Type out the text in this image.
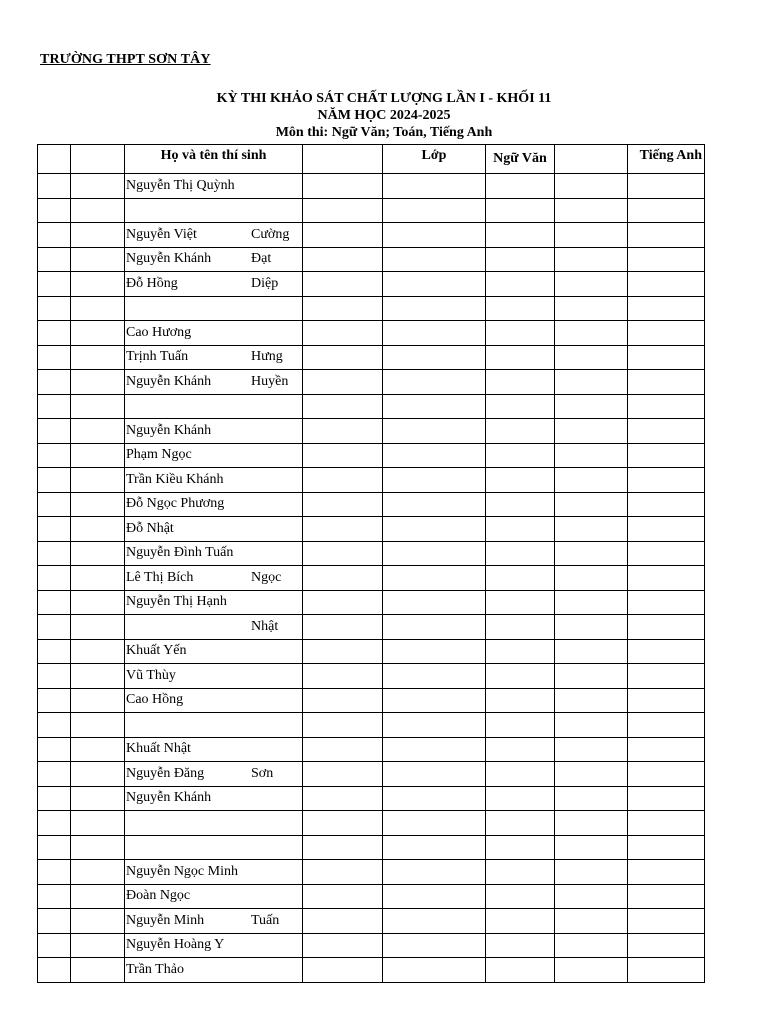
TRƯỜNG THPT SƠN TÂY
KỲ THI KHẢO SÁT CHẤT LƯỢNG LẦN I - KHỐI 11
NĂM HỌC 2024-2025
Môn thi: Ngữ Văn; Toán, Tiếng Anh
		Họ và tên thí sinh		Lớp	Ngữ Văn		Tiếng Anh
		Nguyễn Thị Quỳnh					

		Nguyễn Việt Cường					
		Nguyễn Khánh Đạt					
		Đỗ Hồng Diệp					

		Cao Hương					
		Trịnh Tuấn Hưng					
		Nguyễn Khánh Huyền					

		Nguyễn Khánh					
		Phạm Ngọc					
		Trần Kiều Khánh					
		Đỗ Ngọc Phương					
		Đỗ Nhật					
		Nguyễn Đình Tuấn					
		Lê Thị Bích Ngọc					
		Nguyễn Thị Hạnh					
		Nhật					
		Khuất Yến					
		Vũ Thùy					
		Cao Hồng					

		Khuất Nhật					
		Nguyễn Đăng Sơn					
		Nguyễn Khánh					

		Nguyễn Ngọc Minh					
		Đoàn Ngọc					
		Nguyễn Minh Tuấn					
		Nguyễn Hoàng Y					
		Trần Thảo					
